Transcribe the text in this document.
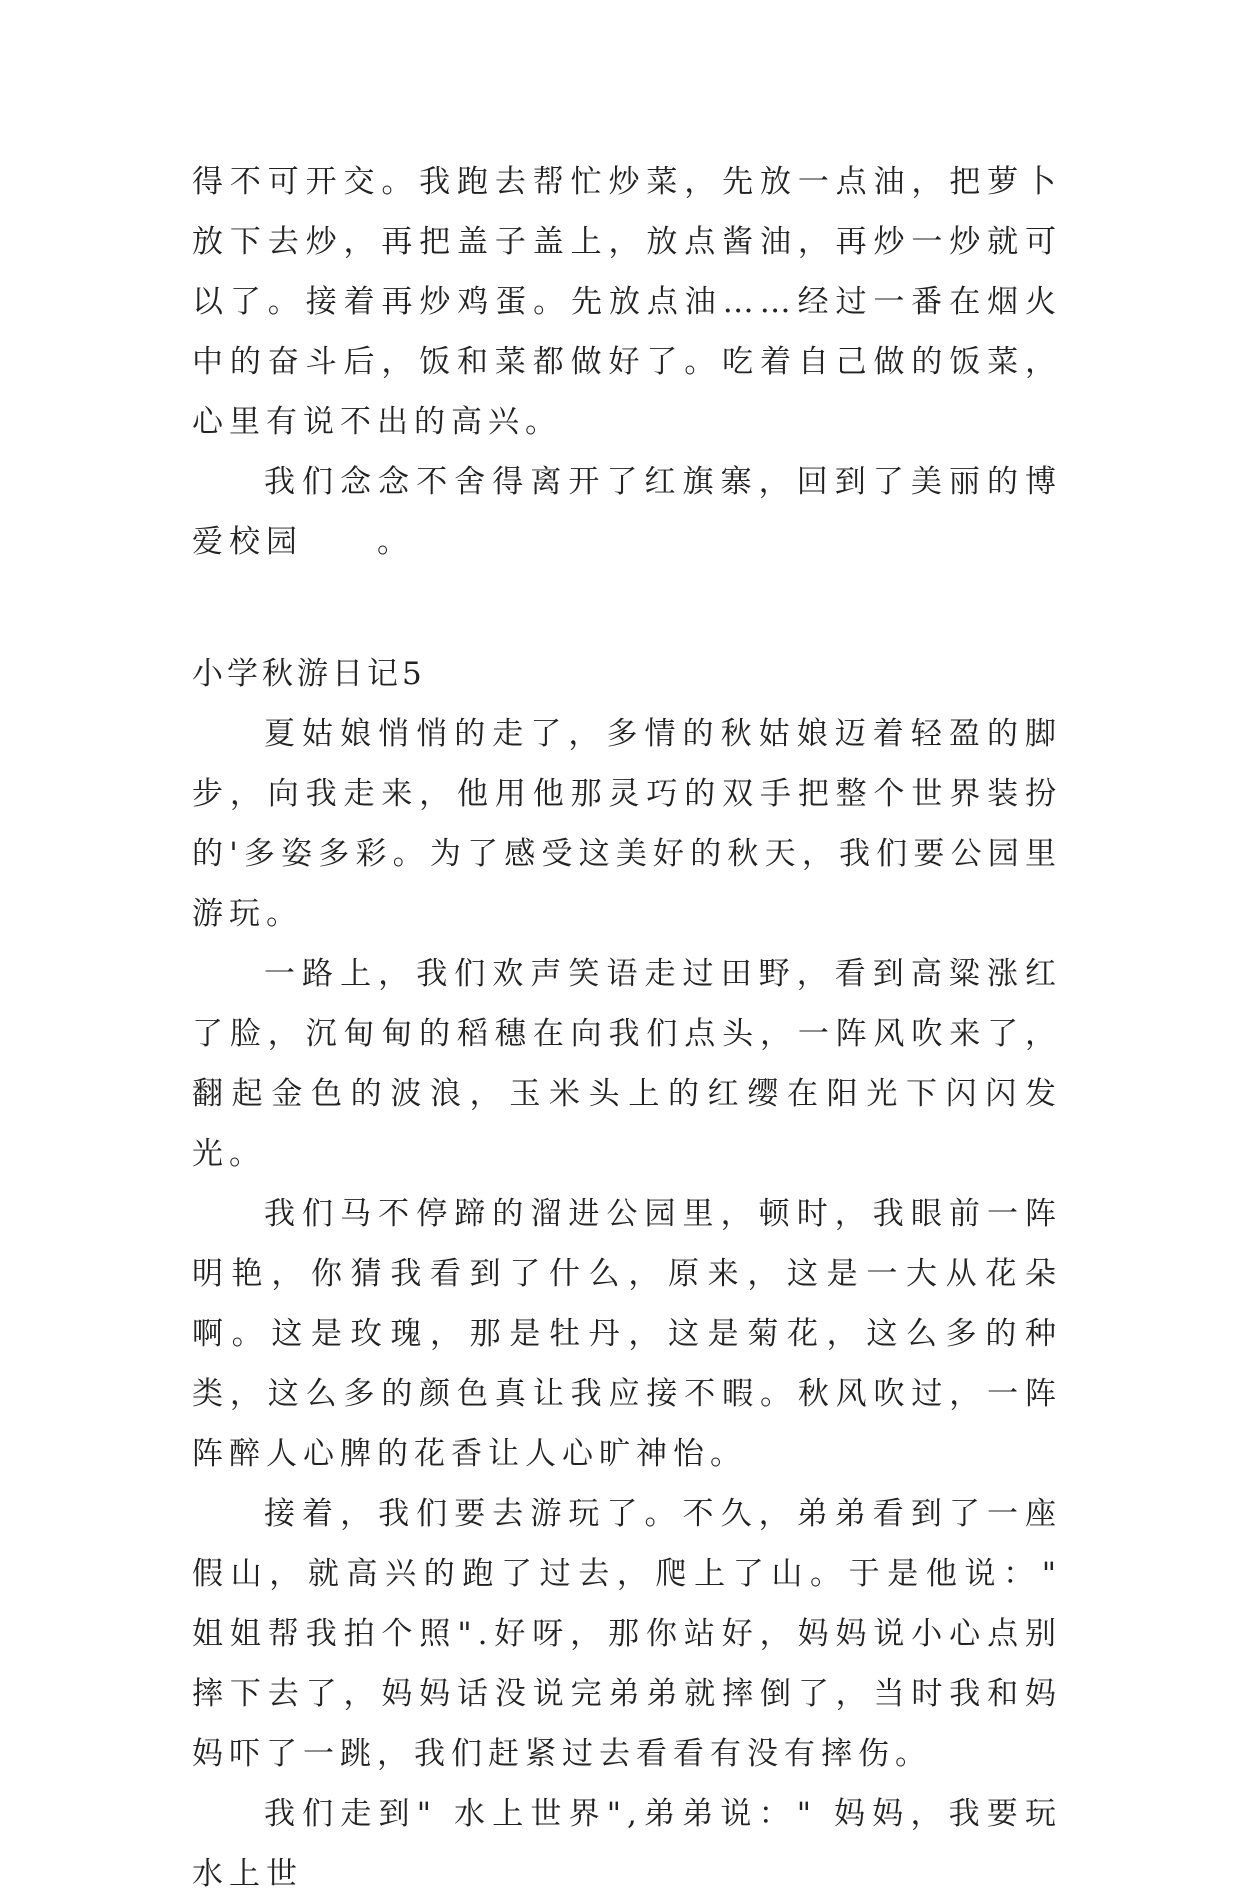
得不可开交。我跑去帮忙炒菜，先放一点油，把萝卜放下去炒，再把盖子盖上，放点酱油，再炒一炒就可以了。接着再炒鸡蛋。先放点油……经过一番在烟火中的奋斗后，饭和菜都做好了。吃着自己做的饭菜，心里有说不出的高兴。

我们念念不舍得离开了红旗寨，回到了美丽的博爱校园　　。

小学秋游日记5

夏姑娘悄悄的走了，多情的秋姑娘迈着轻盈的脚步，向我走来，他用他那灵巧的双手把整个世界装扮的'多姿多彩。为了感受这美好的秋天，我们要公园里游玩。

一路上，我们欢声笑语走过田野，看到高粱涨红了脸，沉甸甸的稻穗在向我们点头，一阵风吹来了，翻起金色的波浪，玉米头上的红缨在阳光下闪闪发光。

我们马不停蹄的溜进公园里，顿时，我眼前一阵明艳，你猜我看到了什么，原来，这是一大从花朵啊。这是玫瑰，那是牡丹，这是菊花，这么多的种类，这么多的颜色真让我应接不暇。秋风吹过，一阵阵醉人心脾的花香让人心旷神怡。

接着，我们要去游玩了。不久，弟弟看到了一座假山，就高兴的跑了过去，爬上了山。于是他说：" 姐姐帮我拍个照".好呀，那你站好，妈妈说小心点别摔下去了，妈妈话没说完弟弟就摔倒了，当时我和妈妈吓了一跳，我们赶紧过去看看有没有摔伤。

我们走到" 水上世界",弟弟说：" 妈妈，我要玩水上世
